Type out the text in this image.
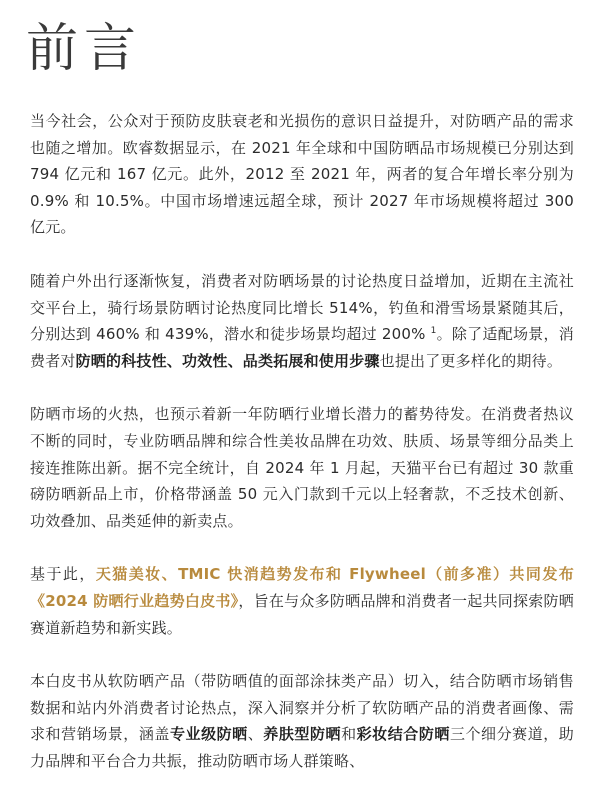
前言

当今社会，公众对于预防皮肤衰老和光损伤的意识日益提升，对防晒产品的需求也随之增加。欧睿数据显示，在 2021 年全球和中国防晒品市场规模已分别达到 794 亿元和 167 亿元。此外，2012 至 2021 年，两者的复合年增长率分别为 0.9% 和 10.5%。中国市场增速远超全球，预计 2027 年市场规模将超过 300 亿元。

随着户外出行逐渐恢复，消费者对防晒场景的讨论热度日益增加，近期在主流社交平台上，骑行场景防晒讨论热度同比增长 514%，钓鱼和滑雪场景紧随其后，分别达到 460% 和 439%，潜水和徒步场景均超过 200% $^1$。除了适配场景，消费者对防晒的科技性、功效性、品类拓展和使用步骤也提出了更多样化的期待。

防晒市场的火热，也预示着新一年防晒行业增长潜力的蓄势待发。在消费者热议不断的同时，专业防晒品牌和综合性美妆品牌在功效、肤质、场景等细分品类上接连推陈出新。据不完全统计，自 2024 年 1 月起，天猫平台已有超过 30 款重磅防晒新品上市，价格带涵盖 50 元入门款到千元以上轻奢款，不乏技术创新、功效叠加、品类延伸的新卖点。

基于此，天猫美妆、TMIC 快消趋势发布和 Flywheel（前多准）共同发布《2024 防晒行业趋势白皮书》，旨在与众多防晒品牌和消费者一起共同探索防晒赛道新趋势和新实践。

本白皮书从软防晒产品（带防晒值的面部涂抹类产品）切入，结合防晒市场销售数据和站内外消费者讨论热点，深入洞察并分析了软防晒产品的消费者画像、需求和营销场景，涵盖专业级防晒、养肤型防晒和彩妆结合防晒三个细分赛道，助力品牌和平台合力共振，推动防晒市场人群策略、
